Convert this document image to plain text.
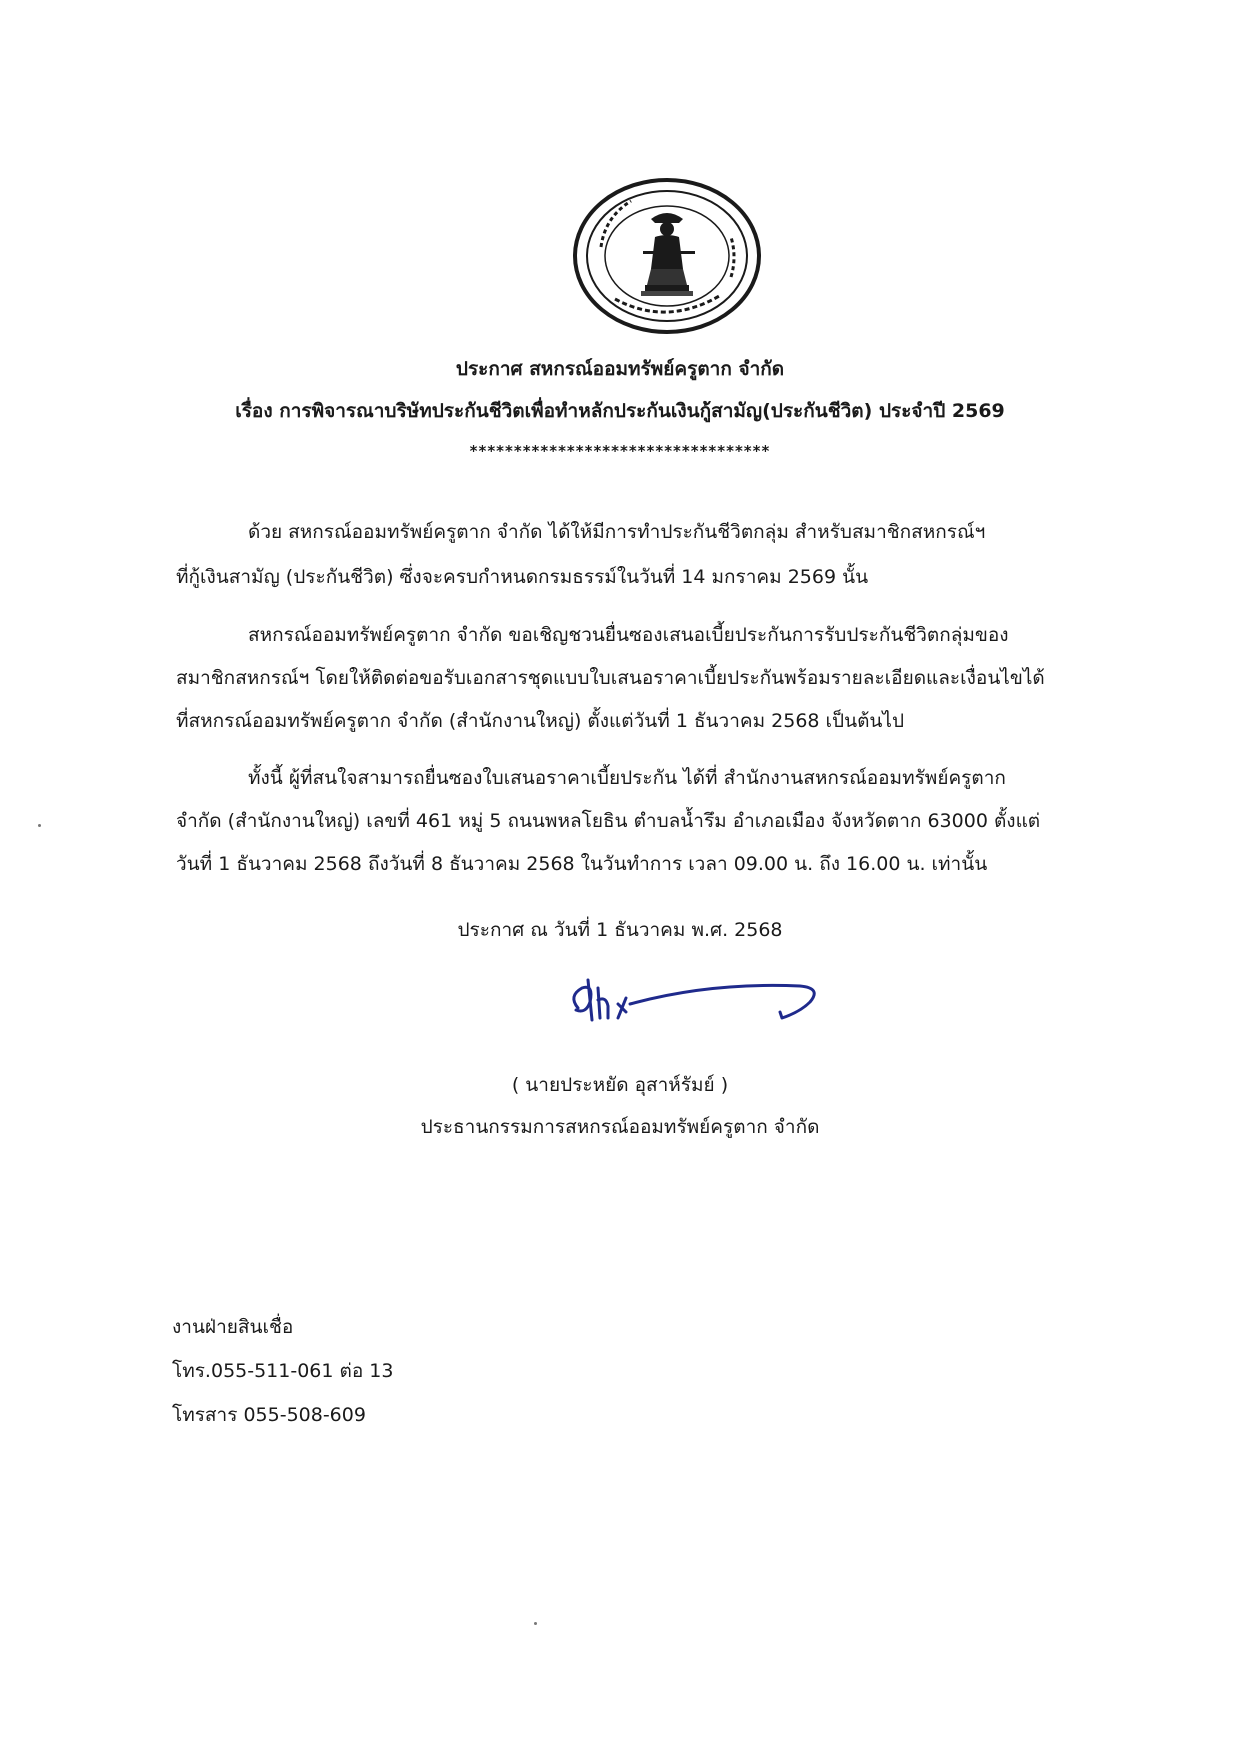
ประกาศ สหกรณ์ออมทรัพย์ครูตาก จำกัด
เรื่อง การพิจารณาบริษัทประกันชีวิตเพื่อทำหลักประกันเงินกู้สามัญ(ประกันชีวิต) ประจำปี 2569
**********************************
ด้วย สหกรณ์ออมทรัพย์ครูตาก จำกัด ได้ให้มีการทำประกันชีวิตกลุ่ม สำหรับสมาชิกสหกรณ์ฯ
ที่กู้เงินสามัญ (ประกันชีวิต) ซึ่งจะครบกำหนดกรมธรรม์ในวันที่ 14 มกราคม 2569 นั้น
สหกรณ์ออมทรัพย์ครูตาก จำกัด ขอเชิญชวนยื่นซองเสนอเบี้ยประกันการรับประกันชีวิตกลุ่มของ
สมาชิกสหกรณ์ฯ โดยให้ติดต่อขอรับเอกสารชุดแบบใบเสนอราคาเบี้ยประกันพร้อมรายละเอียดและเงื่อนไขได้
ที่สหกรณ์ออมทรัพย์ครูตาก จำกัด (สำนักงานใหญ่) ตั้งแต่วันที่ 1 ธันวาคม 2568 เป็นต้นไป
ทั้งนี้ ผู้ที่สนใจสามารถยื่นซองใบเสนอราคาเบี้ยประกัน ได้ที่ สำนักงานสหกรณ์ออมทรัพย์ครูตาก
จำกัด (สำนักงานใหญ่) เลขที่ 461 หมู่ 5 ถนนพหลโยธิน ตำบลน้ำรึม อำเภอเมือง จังหวัดตาก 63000 ตั้งแต่
วันที่ 1 ธันวาคม 2568 ถึงวันที่ 8 ธันวาคม 2568 ในวันทำการ เวลา 09.00 น. ถึง 16.00 น. เท่านั้น
ประกาศ ณ วันที่ 1 ธันวาคม พ.ศ. 2568
( นายประหยัด อุสาห์รัมย์ )
ประธานกรรมการสหกรณ์ออมทรัพย์ครูตาก จำกัด
งานฝ่ายสินเชื่อ
โทร.055-511-061 ต่อ 13
โทรสาร 055-508-609
